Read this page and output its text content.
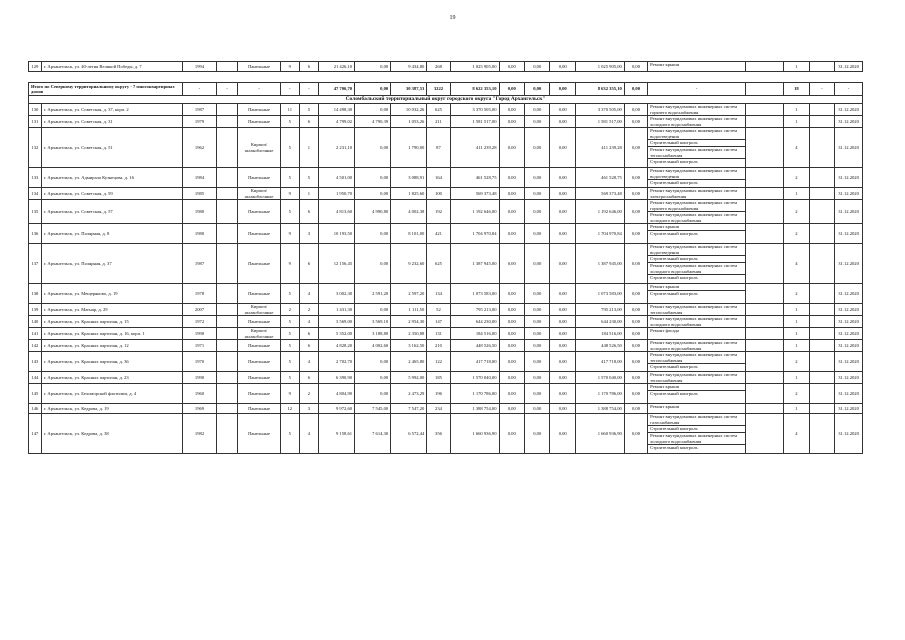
19
129	г. Архангельск, ул. 40-летия Великой Победы, д. 7	1994		Панельные	9	6	21 426,10	0,00	9 434,80	268	1 025 905,00	0,00	0,00	0,00	1 025 905,00	0,00	Ремонт крыши		1		31.12.2020

Итого по Северному территориальному округу - 7 многоквартирных домов		-	-	-	-	-	47 706,70	0,00	30 387,53	3222	8 622 353,10	0,00	0,00	0,00	8 632 355,10	0,00	-		18	-	-
Соломбальский территориальный округ городского округа "Город Архангельск"																					
130	г. Архангельск, ул. Советская, д. 37, корп. 2	1987		Панельные	11	5	14 498,30	0,00	10 032,26	625	3 370 505,00	0,00	0,00	0,00	3 370 505,00	0,00	Ремонт внутридомовых инженерных систем горячего водоснабжения		1		31.12.2020
131	г. Архангельск, ул. Советская, д. 31	1979		Панельные	5	6	4 799,02	4 790,39	1 053,26	211	1 581 517,00	0,00	0,00	0,00	1 581 517,00	0,00	Ремонт внутридомовых инженерных систем холодного водоснабжения		1		31.12.2020
132	г. Архангельск, ул. Советская, д. 51	1962		Кирпич/ шлакоблочные	5	1	2 231,10	0,00	1 790,00	87	411 239,28	0,00	0,00	0,00	411 239,28	0,00	Ремонт внутридомовых инженерных систем водоотведения
Строительный контроль
Ремонт внутридомовых инженерных систем теплоснабжения
Строительный контроль		4		31.12.2020
133	г. Архангельск, ул. Адмирала Кузнецова, д. 16	1984		Панельные	5	5	4 501,00	0,00	3 088,91	164	461 528,75	0,00	0,00	0,00	461 528,75	0,00	Ремонт внутридомовых инженерных систем водоотведения
Строительный контроль		2		31.12.2020
134	г. Архангельск, ул. Советская, д. 59	1985		Кирпич/ шлакоблочные	9	1	1 950,70	0,00	1 825,60	100	569 373,48	0,00	0,00	0,00	569 373,48	0,00	Ремонт внутридомовых инженерных систем электроснабжения		1		31.12.2020
135	г. Архангельск, ул. Советская, д. 57	1980		Панельные	5	6	4 813,60	4 990,80	4 002,38	192	1 192 646,00	0,00	0,00	0,00	1 192 646,00	0,00	Ремонт внутридомовых инженерных систем горячего водоснабжения
Ремонт внутридомовых инженерных систем холодного водоснабжения		2		31.12.2020
136	г. Архангельск, ул. Полярная, д. 8	1980		Панельные	9	3	10 193,50	0,00	8 101,00	421	1 704 970,84	0,00	0,00	0,00	1 704 970,84	0,00	Ремонт крыши
Строительный контроль		2		31.12.2020
137	г. Архангельск, ул. Полярная, д. 37	1987		Панельные	9	6	12 156,45	0,00	9 232,60	625	1 387 945,00	0,00	0,00	0,00	1 387 945,00	0,00	Ремонт внутридомовых инженерных систем водоотведения
Строительный контроль
Ремонт внутридомовых инженерных систем холодного водоснабжения
Строительный контроль		4		31.12.2020
138	г. Архангельск, ул. Мещеряково, д. 19	1978		Панельные	5	4	3 002,30	2 591,20	2 597,20	134	1 073 583,00	0,00	0,00	0,00	1 073 583,00	0,00	Ремонт крыши
Строительный контроль		2		31.12.2020
139	г. Архангельск, ул. Магнар, д. 29	2007		Кирпич/ шлакоблочные	2	2	1 431,30	0,00	1 111,50	52	795 213,00	0,00	0,00	0,00	795 213,00	0,00	Ремонт внутридомовых инженерных систем теплоснабжения		1		31.12.2020
140	г. Архангельск, ул. Красных партизан, д. 15	1972		Панельные	5	4	3 569,00	3 569,10	2 954,30	147	644 230,00	0,00	0,00	0,00	644 230,00	0,00	Ремонт внутридомовых инженерных систем холодного водоснабжения		1		31.12.2020
141	г. Архангельск, ул. Красных партизан, д. 16, корп. 1	1990		Кирпич/ шлакоблочные	5	6	5 352,00	3 188,80	2 350,88	131	184 516,00	0,00	0,00	0,00	184 516,00	0,00	Ремонт фасада		1		31.12.2020
142	г. Архангельск, ул. Красных партизан, д. 12	1971		Панельные	5	6	4 828,20	4 002,60	3 162,50	210	448 526,50	0,00	0,00	0,00	448 526,50	0,00	Ремонт внутридомовых инженерных систем холодного водоснабжения		1		31.12.2020
143	г. Архангельск, ул. Красных партизан, д. 36	1970		Панельные	5	4	2 702,70	0,00	2 465,80	122	417 718,00	0,00	0,00	0,00	417 718,00	0,00	Ремонт внутридомовых инженерных систем теплоснабжения
Строительный контроль		2		31.12.2020
144	г. Архангельск, ул. Красных партизан, д. 23	1990		Панельные	5	6	6 390,90	0,00	5 992,00	185	1 570 040,00	0,00	0,00	0,00	1 570 040,00	0,00	Ремонт внутридомовых инженерных систем теплоснабжения		1		31.12.2020
145	г. Архангельск, ул. Беломорской флотилии, д. 4	1960		Панельные	9	2	4 804,90	0,00	2 473,29	196	1 170 786,00	0,00	0,00	0,00	1 170 786,00	0,00	Ремонт крыши
Строительный контроль		2		31.12.2020
146	г. Архангельск, ул. Кедрова, д. 19	1969		Панельные	12	3	9 972,60	7 545,00	7 547,20	234	1 388 754,00	0,00	0,00	0,00	1 388 754,00	0,00	Ремонт крыши		1		31.12.2020
147	г. Архангельск, ул. Кедрова, д. 38	1982		Панельные	5	4	9 158,61	7 614,30	6 572,44	356	1 660 936,90	0,00	0,00	0,00	1 660 936,90	0,00	Ремонт внутридомовых инженерных систем газоснабжения
Строительный контроль
Ремонт внутридомовых инженерных систем холодного водоснабжения
Строительный контроль		4		31.12.2020
